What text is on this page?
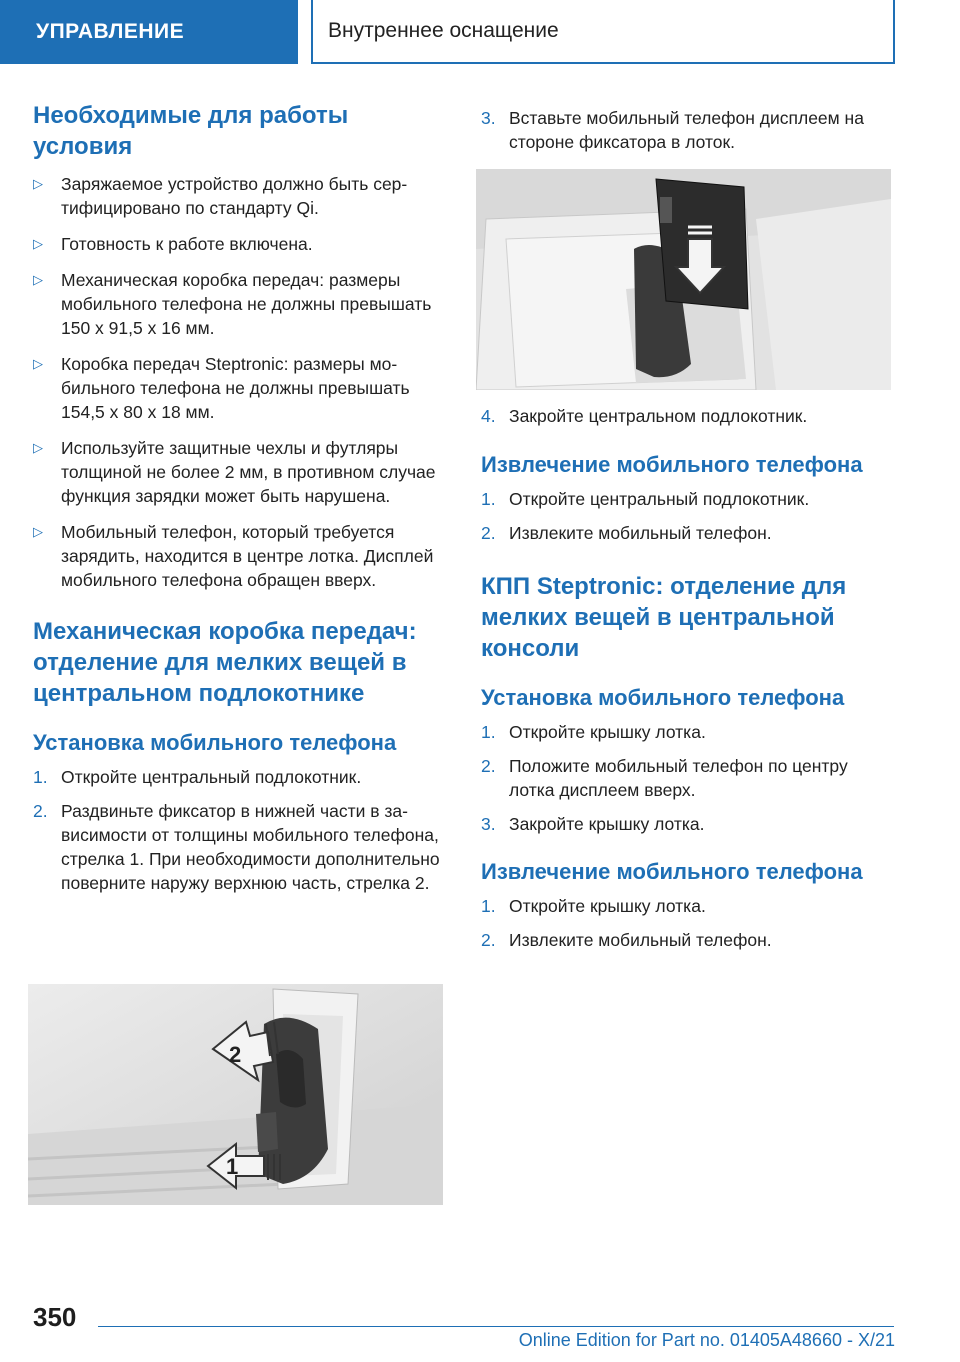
УПРАВЛЕНИЕ	Внутреннее оснащение
Необходимые для работы условия
▷ Заряжаемое устройство должно быть сертифицировано по стандарту Qi.
▷ Готовность к работе включена.
▷ Механическая коробка передач: размеры мобильного телефона не должны превышать 150 x 91,5 x 16 мм.
▷ Коробка передач Steptronic: размеры мобильного телефона не должны превышать 154,5 x 80 x 18 мм.
▷ Используйте защитные чехлы и футляры толщиной не более 2 мм, в противном случае функция зарядки может быть нарушена.
▷ Мобильный телефон, который требуется зарядить, находится в центре лотка. Дисплей мобильного телефона обращен вверх.
Механическая коробка передач: отделение для мелких вещей в центральном подлокотнике
Установка мобильного телефона
1. Откройте центральный подлокотник.
2. Раздвиньте фиксатор в нижней части в зависимости от толщины мобильного телефона, стрелка 1. При необходимости дополнительно поверните наружу верхнюю часть, стрелка 2.
2
1
3. Вставьте мобильный телефон дисплеем на стороне фиксатора в лоток.
4. Закройте центральном подлокотник.
Извлечение мобильного телефона
1. Откройте центральный подлокотник.
2. Извлеките мобильный телефон.
КПП Steptronic: отделение для мелких вещей в центральной консоли
Установка мобильного телефона
1. Откройте крышку лотка.
2. Положите мобильный телефон по центру лотка дисплеем вверх.
3. Закройте крышку лотка.
Извлечение мобильного телефона
1. Откройте крышку лотка.
2. Извлеките мобильный телефон.
350
Online Edition for Part no. 01405A48660 - X/21
